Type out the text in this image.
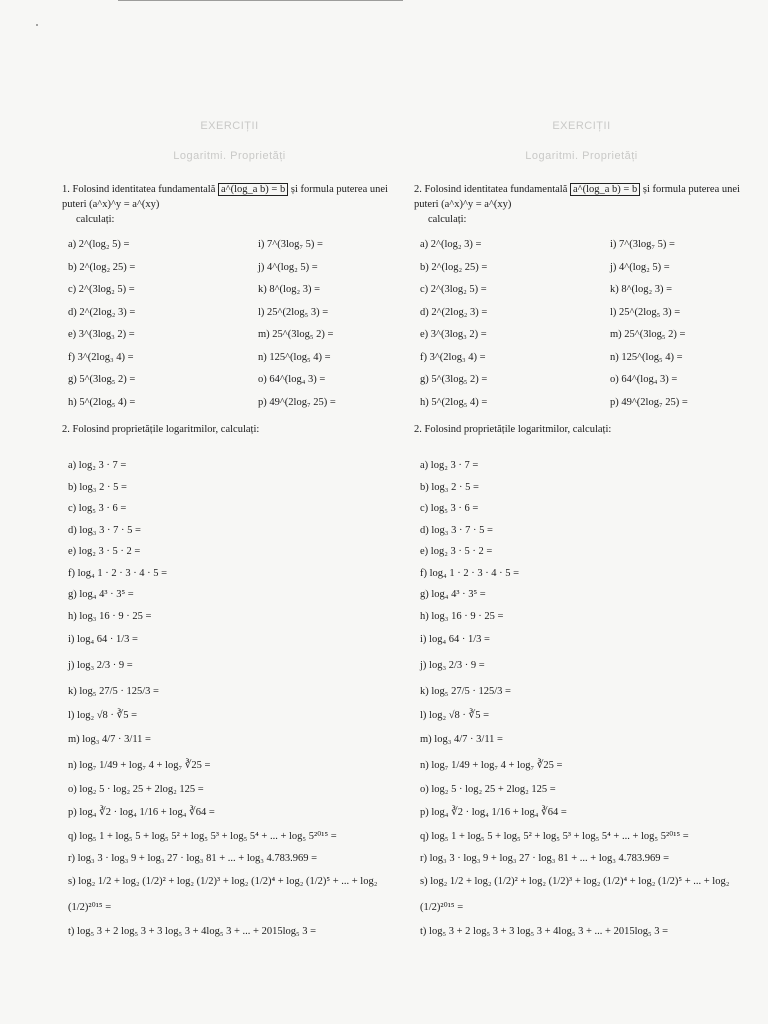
EXERCIȚII
Logaritmi. Proprietăți
1. Folosind identitatea fundamentală a^(log_a b) = b și formula puterea unei puteri (a^x)^y = a^(xy)
calculați:
a) 2^(log₂ 5) =	i) 7^(3log₇ 5) =
b) 2^(log₂ 25) =	j) 4^(log₂ 5) =
c) 2^(3log₂ 5) =	k) 8^(log₂ 3) =
d) 2^(2log₂ 3) =	l) 25^(2log₅ 3) =
e) 3^(3log₃ 2) =	m) 25^(3log₅ 2) =
f) 3^(2log₃ 4) =	n) 125^(log₅ 4) =
g) 5^(3log₅ 2) =	o) 64^(log₄ 3) =
h) 5^(2log₅ 4) =	p) 49^(2log₇ 25) =
2. Folosind proprietățile logaritmilor, calculați:
a) log₂ 3 · 7 =
b) log₃ 2 · 5 =
c) log₅ 3 · 6 =
d) log₃ 3 · 7 · 5 =
e) log₂ 3 · 5 · 2 =
f) log₄ 1 · 2 · 3 · 4 · 5 =
g) log₄ 4³ · 3⁵ =
h) log₃ 16 · 9 · 25 =
i) log₄ 64 · 1/3 =
j) log₃ 2/3 · 9 =
k) log₅ 27/5 · 125/3 =
l) log₂ √8 · ∛5 =
m) log₃ 4/7 · 3/11 =
n) log₇ 1/49 + log₇ 4 + log₇ ∛25 =
o) log₂ 5 · log₂ 25 + 2log₂ 125 =
p) log₄ ∛2 · log₄ 1/16 + log₄ ∛64 =
q) log₅ 1 + log₅ 5 + log₅ 5² + log₅ 5³ + log₅ 5⁴ + ... + log₅ 5²⁰¹⁵ =
r) log₃ 3 · log₃ 9 + log₃ 27 · log₃ 81 + ... + log₃ 4.783.969 =
s) log₂ 1/2 + log₂ (1/2)² + log₂ (1/2)³ + log₂ (1/2)⁴ + log₂ (1/2)⁵ + ... + log₂ (1/2)²⁰¹⁵ =
t) log₅ 3 + 2 log₅ 3 + 3 log₅ 3 + 4log₅ 3 + ... + 2015log₅ 3 =
EXERCIȚII
Logaritmi. Proprietăți
2. Folosind identitatea fundamentală a^(log_a b) = b și formula puterea unei puteri (a^x)^y = a^(xy)
calculați:
a) 2^(log₂ 3) =	i) 7^(3log₇ 5) =
b) 2^(log₂ 25) =	j) 4^(log₂ 5) =
c) 2^(3log₂ 5) =	k) 8^(log₂ 3) =
d) 2^(2log₂ 3) =	l) 25^(2log₅ 3) =
e) 3^(3log₃ 2) =	m) 25^(3log₅ 2) =
f) 3^(2log₃ 4) =	n) 125^(log₅ 4) =
g) 5^(3log₅ 2) =	o) 64^(log₄ 3) =
h) 5^(2log₅ 4) =	p) 49^(2log₇ 25) =
2. Folosind proprietățile logaritmilor, calculați:
a) log₂ 3 · 7 =
b) log₃ 2 · 5 =
c) log₅ 3 · 6 =
d) log₃ 3 · 7 · 5 =
e) log₂ 3 · 5 · 2 =
f) log₄ 1 · 2 · 3 · 4 · 5 =
g) log₄ 4³ · 3⁵ =
h) log₃ 16 · 9 · 25 =
i) log₄ 64 · 1/3 =
j) log₃ 2/3 · 9 =
k) log₅ 27/5 · 125/3 =
l) log₂ √8 · ∛5 =
m) log₃ 4/7 · 3/11 =
n) log₇ 1/49 + log₇ 4 + log₇ ∛25 =
o) log₂ 5 · log₂ 25 + 2log₂ 125 =
p) log₄ ∛2 · log₄ 1/16 + log₄ ∛64 =
q) log₅ 1 + log₅ 5 + log₅ 5² + log₅ 5³ + log₅ 5⁴ + ... + log₅ 5²⁰¹⁵ =
r) log₃ 3 · log₃ 9 + log₃ 27 · log₃ 81 + ... + log₃ 4.783.969 =
s) log₂ 1/2 + log₂ (1/2)² + log₂ (1/2)³ + log₂ (1/2)⁴ + log₂ (1/2)⁵ + ... + log₂ (1/2)²⁰¹⁵ =
t) log₅ 3 + 2 log₅ 3 + 3 log₅ 3 + 4log₅ 3 + ... + 2015log₅ 3 =
